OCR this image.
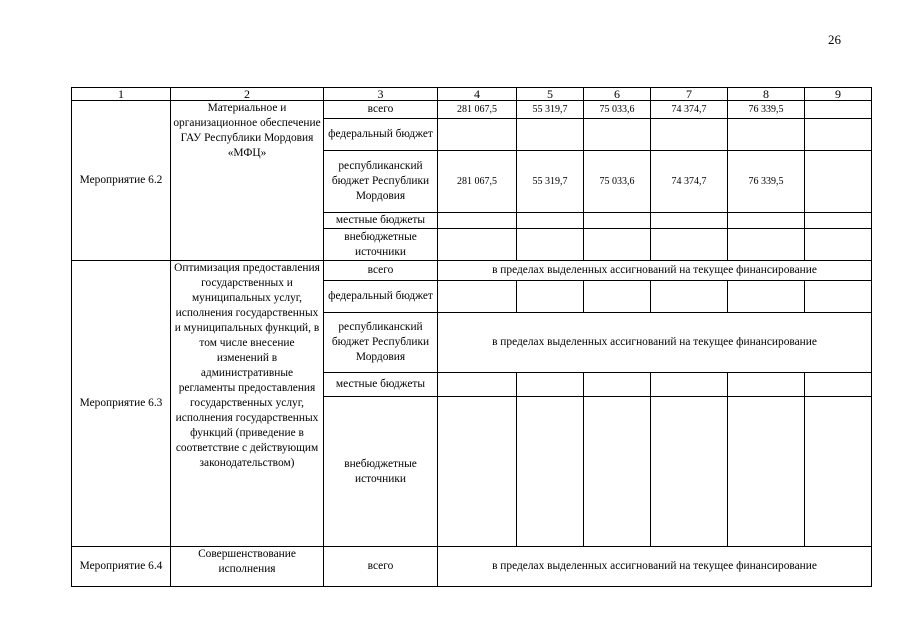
26
1	2	3	4	5	6	7	8	9
Мероприятие 6.2	Материальное и организационное обеспечение ГАУ Республики Мордовия «МФЦ»	всего	281 067,5	55 319,7	75 033,6	74 374,7	76 339,5	
		федеральный бюджет						
		республиканский бюджет Республики Мордовия	281 067,5	55 319,7	75 033,6	74 374,7	76 339,5	
		местные бюджеты						
		внебюджетные источники						
Мероприятие 6.3	Оптимизация предоставления государственных и муниципальных услуг, исполнения государственных и муниципальных функций, в том числе внесение изменений в административные регламенты предоставления государственных услуг, исполнения государственных функций (приведение в соответствие с действующим законодательством)	всего	в пределах выделенных ассигнований на текущее финансирование					
		федеральный бюджет						
		республиканский бюджет Республики Мордовия	в пределах выделенных ассигнований на текущее финансирование					
		местные бюджеты						
		внебюджетные источники						
Мероприятие 6.4	Совершенствование исполнения	всего	в пределах выделенных ассигнований на текущее финансирование					
